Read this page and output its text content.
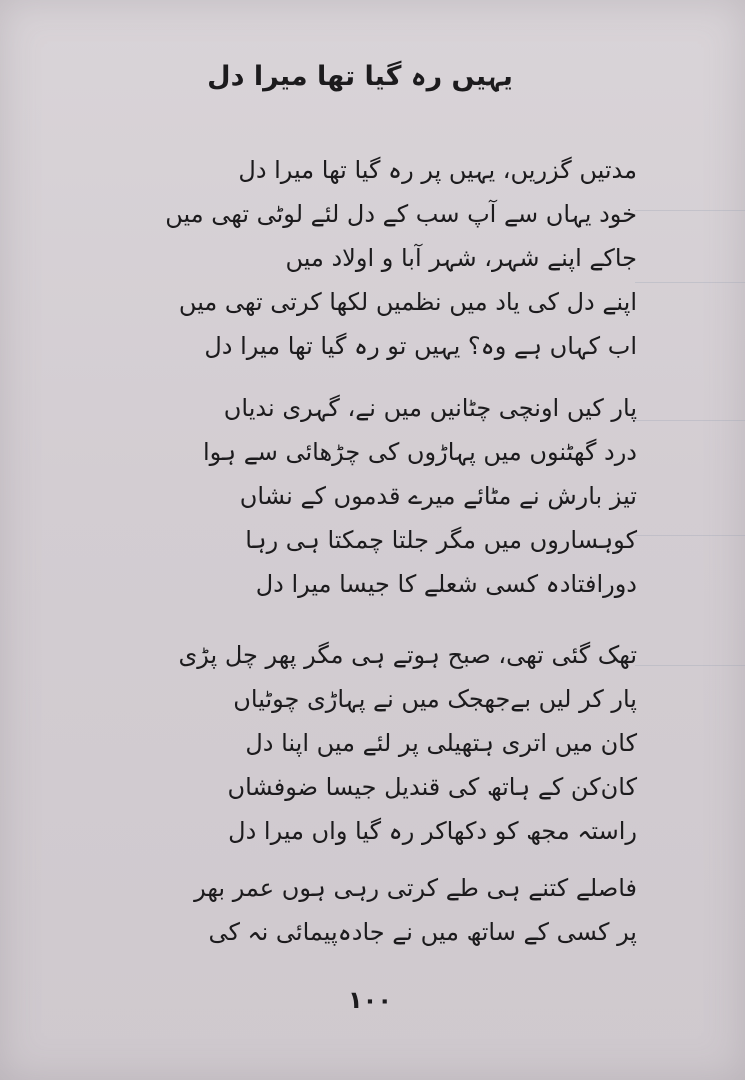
یہیں رہ گیا تھا میرا دل
مدتیں گزریں، یہیں پر رہ گیا تھا میرا دل
خود یہاں سے آپ سب کے دل لئے لوٹی تھی میں
جاکے اپنے شہر، شہر آبا و اولاد میں
اپنے دل کی یاد میں نظمیں لکھا کرتی تھی میں
اب کہاں ہے وہ؟ یہیں تو رہ گیا تھا میرا دل
پار کیں اونچی چٹانیں میں نے، گہری ندیاں
درد گھٹنوں میں پہاڑوں کی چڑھائی سے ہوا
تیز بارش نے مٹائے میرے قدموں کے نشاں
کوہساروں میں مگر جلتا چمکتا ہی رہا
دورافتادہ کسی شعلے کا جیسا میرا دل
تھک گئی تھی، صبح ہوتے ہی مگر پھر چل پڑی
پار کر لیں بےجھجک میں نے پہاڑی چوٹیاں
کان میں اتری ہتھیلی پر لئے میں اپنا دل
کان‌کن کے ہاتھ کی قندیل جیسا ضوفشاں
راستہ مجھ کو دکھاکر رہ گیا واں میرا دل
فاصلے کتنے ہی طے کرتی رہی ہوں عمر بھر
پر کسی کے ساتھ میں نے جادہ‌پیمائی نہ کی
١٠٠
